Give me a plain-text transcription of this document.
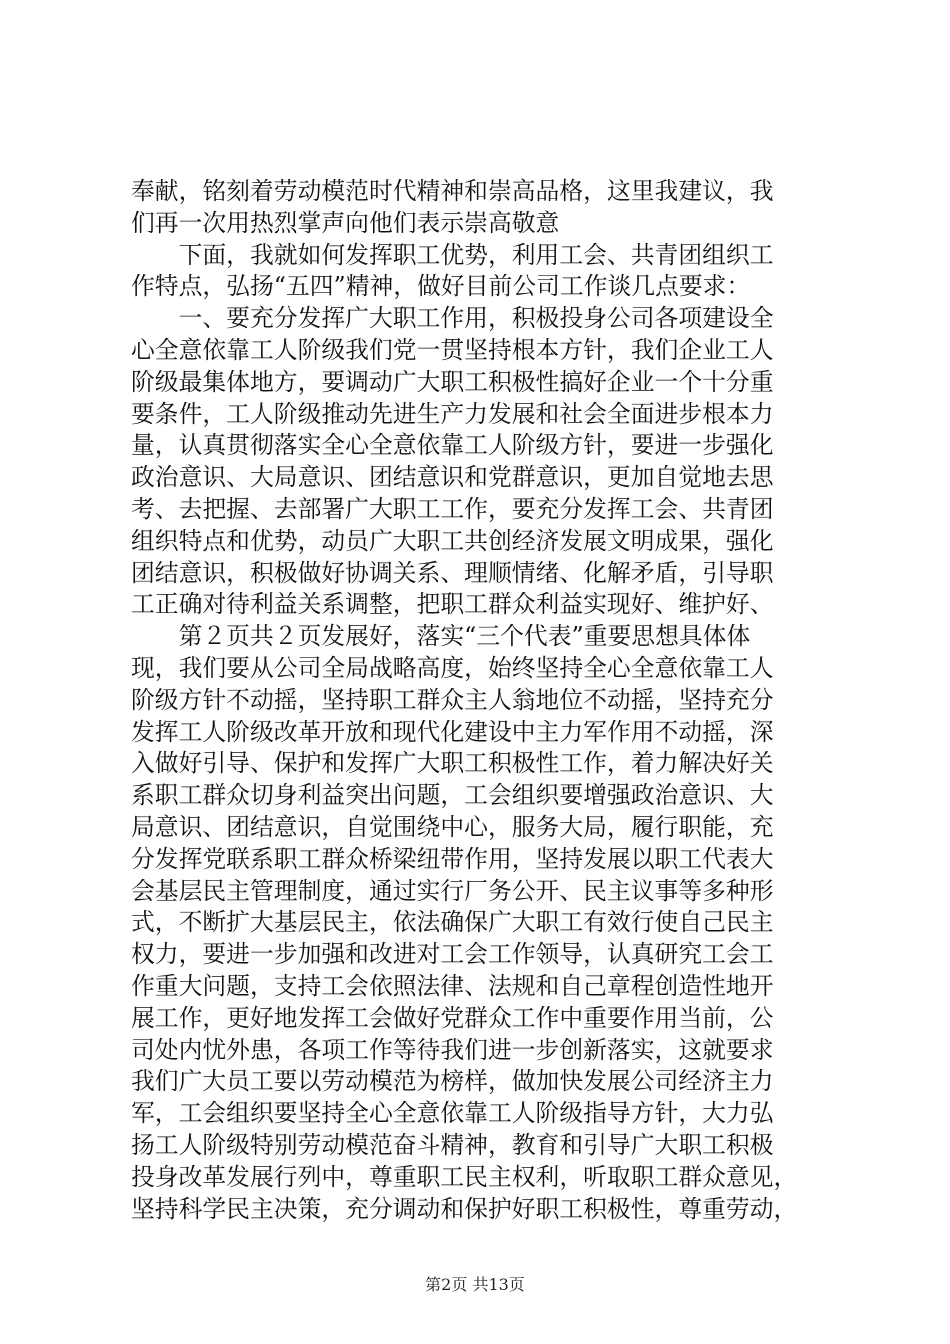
奉献，铭刻着劳动模范时代精神和崇高品格，这里我建议，我

们再一次用热烈掌声向他们表示崇高敬意

　　下面，我就如何发挥职工优势，利用工会、共青团组织工

作特点，弘扬“五四”精神，做好目前公司工作谈几点要求：

　　一、要充分发挥广大职工作用，积极投身公司各项建设全

心全意依靠工人阶级我们党一贯坚持根本方针，我们企业工人

阶级最集体地方，要调动广大职工积极性搞好企业一个十分重

要条件，工人阶级推动先进生产力发展和社会全面进步根本力

量，认真贯彻落实全心全意依靠工人阶级方针，要进一步强化

政治意识、大局意识、团结意识和党群意识，更加自觉地去思

考、去把握、去部署广大职工工作，要充分发挥工会、共青团

组织特点和优势，动员广大职工共创经济发展文明成果，强化

团结意识，积极做好协调关系、理顺情绪、化解矛盾，引导职

工正确对待利益关系调整，把职工群众利益实现好、维护好、

　　第２页共２页发展好，落实“三个代表”重要思想具体体

现，我们要从公司全局战略高度，始终坚持全心全意依靠工人

阶级方针不动摇，坚持职工群众主人翁地位不动摇，坚持充分

发挥工人阶级改革开放和现代化建设中主力军作用不动摇，深

入做好引导、保护和发挥广大职工积极性工作，着力解决好关

系职工群众切身利益突出问题，工会组织要增强政治意识、大

局意识、团结意识，自觉围绕中心，服务大局，履行职能，充

分发挥党联系职工群众桥梁纽带作用，坚持发展以职工代表大

会基层民主管理制度，通过实行厂务公开、民主议事等多种形

式，不断扩大基层民主，依法确保广大职工有效行使自己民主

权力，要进一步加强和改进对工会工作领导，认真研究工会工

作重大问题，支持工会依照法律、法规和自己章程创造性地开

展工作，更好地发挥工会做好党群众工作中重要作用当前，公

司处内忧外患，各项工作等待我们进一步创新落实，这就要求

我们广大员工要以劳动模范为榜样，做加快发展公司经济主力

军，工会组织要坚持全心全意依靠工人阶级指导方针，大力弘

扬工人阶级特别劳动模范奋斗精神，教育和引导广大职工积极

投身改革发展行列中，尊重职工民主权利，听取职工群众意见，

坚持科学民主决策，充分调动和保护好职工积极性，尊重劳动，

第2页 共13页
